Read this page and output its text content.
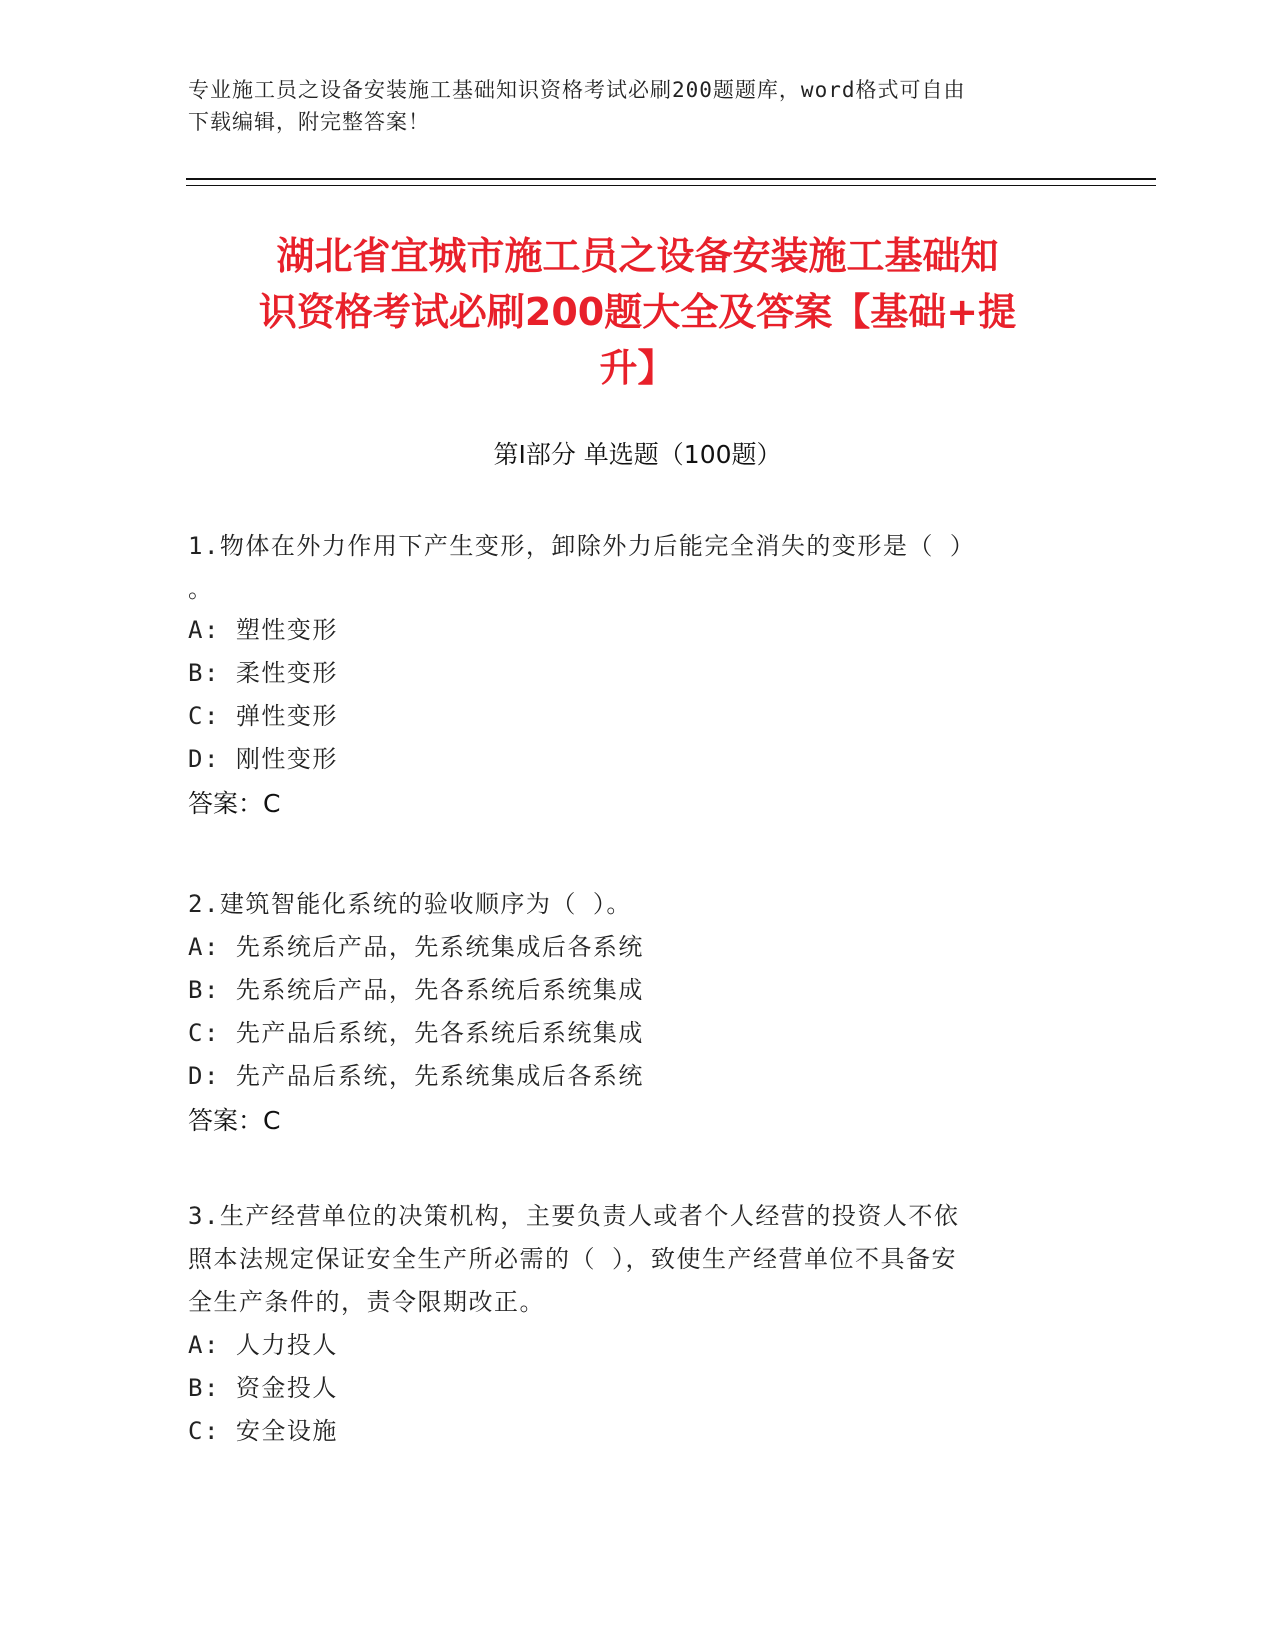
专业施工员之设备安装施工基础知识资格考试必刷200题题库，word格式可自由
下载编辑，附完整答案！
湖北省宜城市施工员之设备安装施工基础知
识资格考试必刷200题大全及答案【基础+提
升】
第Ⅰ部分 单选题（100题）
1.物体在外力作用下产生变形，卸除外力后能完全消失的变形是（ ）
。
A: 塑性变形
B: 柔性变形
C: 弹性变形
D: 刚性变形
答案：C
2.建筑智能化系统的验收顺序为（ ）。
A: 先系统后产品，先系统集成后各系统
B: 先系统后产品，先各系统后系统集成
C: 先产品后系统，先各系统后系统集成
D: 先产品后系统，先系统集成后各系统
答案：C
3.生产经营单位的决策机构，主要负责人或者个人经营的投资人不依
照本法规定保证安全生产所必需的（ ），致使生产经营单位不具备安
全生产条件的，责令限期改正。
A: 人力投人
B: 资金投人
C: 安全设施
